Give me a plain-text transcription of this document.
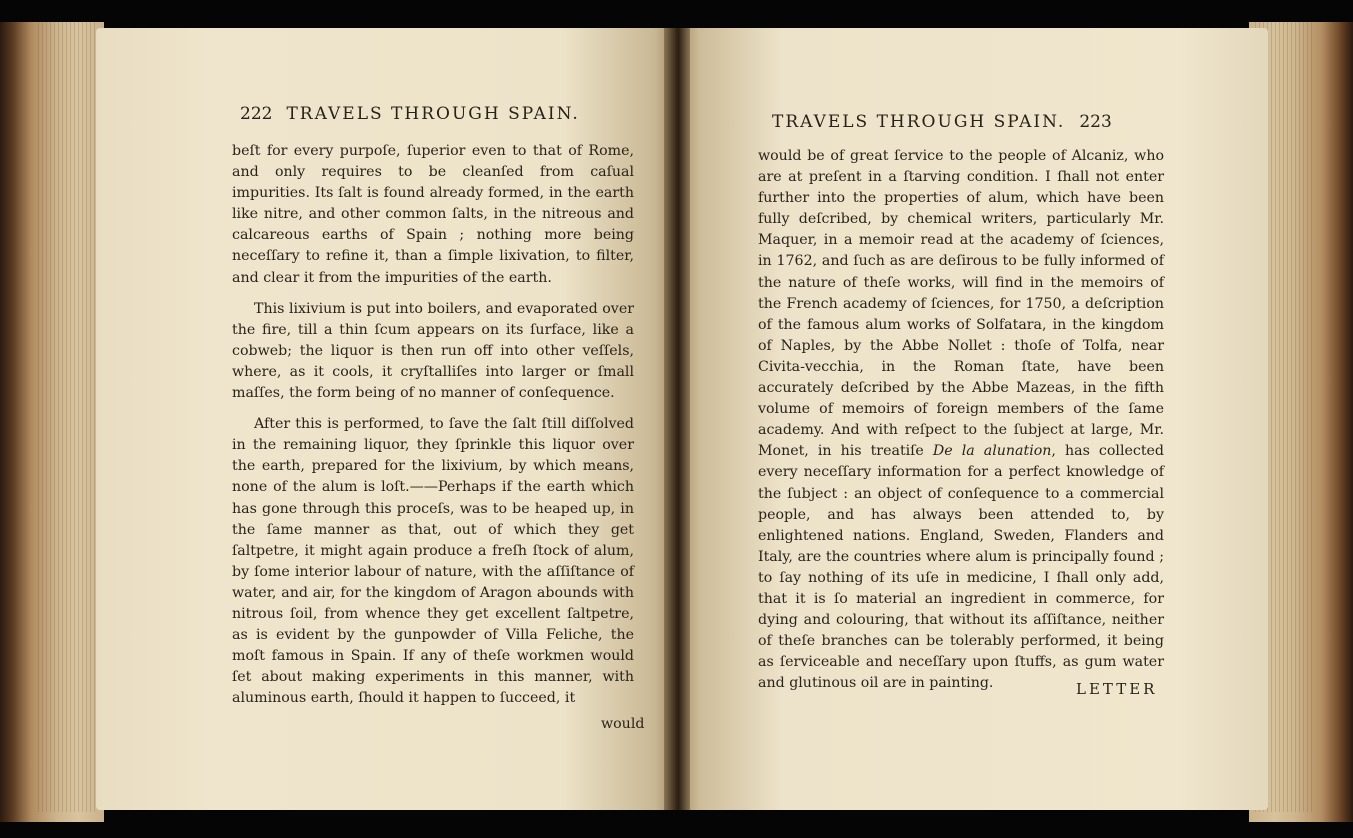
222 TRAVELS THROUGH SPAIN.

beſt for every purpoſe, ſuperior even to that of Rome, and only requires to be cleanſed from caſual impurities. Its ſalt is found already formed, in the earth like nitre, and other common ſalts, in the nitreous and calcareous earths of Spain ; nothing more being neceſſary to refine it, than a ſimple lixivation, to filter, and clear it from the impurities of the earth.

This lixivium is put into boilers, and evaporated over the fire, till a thin ſcum appears on its ſurface, like a cobweb; the liquor is then run off into other veſſels, where, as it cools, it cryſtalliſes into larger or ſmall maſſes, the form being of no manner of conſequence.

After this is performed, to ſave the ſalt ſtill diſſolved in the remaining liquor, they ſprinkle this liquor over the earth, prepared for the lixivium, by which means, none of the alum is loſt.——Perhaps if the earth which has gone through this proceſs, was to be heaped up, in the ſame manner as that, out of which they get ſaltpetre, it might again produce a freſh ſtock of alum, by ſome interior labour of nature, with the aſſiſtance of water, and air, for the kingdom of Aragon abounds with nitrous ſoil, from whence they get excellent ſaltpetre, as is evident by the gunpowder of Villa Feliche, the moſt famous in Spain. If any of theſe workmen would ſet about making experiments in this manner, with aluminous earth, ſhould it happen to ſucceed, it

would
TRAVELS THROUGH SPAIN. 223

would be of great ſervice to the people of Alcaniz, who are at preſent in a ſtarving condition. I ſhall not enter further into the properties of alum, which have been fully deſcribed, by chemical writers, particularly Mr. Maquer, in a memoir read at the academy of ſciences, in 1762, and ſuch as are deſirous to be fully informed of the nature of theſe works, will find in the memoirs of the French academy of ſciences, for 1750, a deſcription of the famous alum works of Solfatara, in the kingdom of Naples, by the Abbe Nollet : thoſe of Tolfa, near Civita-vecchia, in the Roman ſtate, have been accurately deſcribed by the Abbe Mazeas, in the fifth volume of memoirs of foreign members of the ſame academy. And with reſpect to the ſubject at large, Mr. Monet, in his treatiſe De la alunation, has collected every neceſſary information for a perfect knowledge of the ſubject : an object of conſequence to a commercial people, and has always been attended to, by enlightened nations. England, Sweden, Flanders and Italy, are the countries where alum is principally found ; to ſay nothing of its uſe in medicine, I ſhall only add, that it is ſo material an ingredient in commerce, for dying and colouring, that without its aſſiſtance, neither of theſe branches can be tolerably performed, it being as ſerviceable and neceſſary upon ſtuffs, as gum water and glutinous oil are in painting.	LETTER
